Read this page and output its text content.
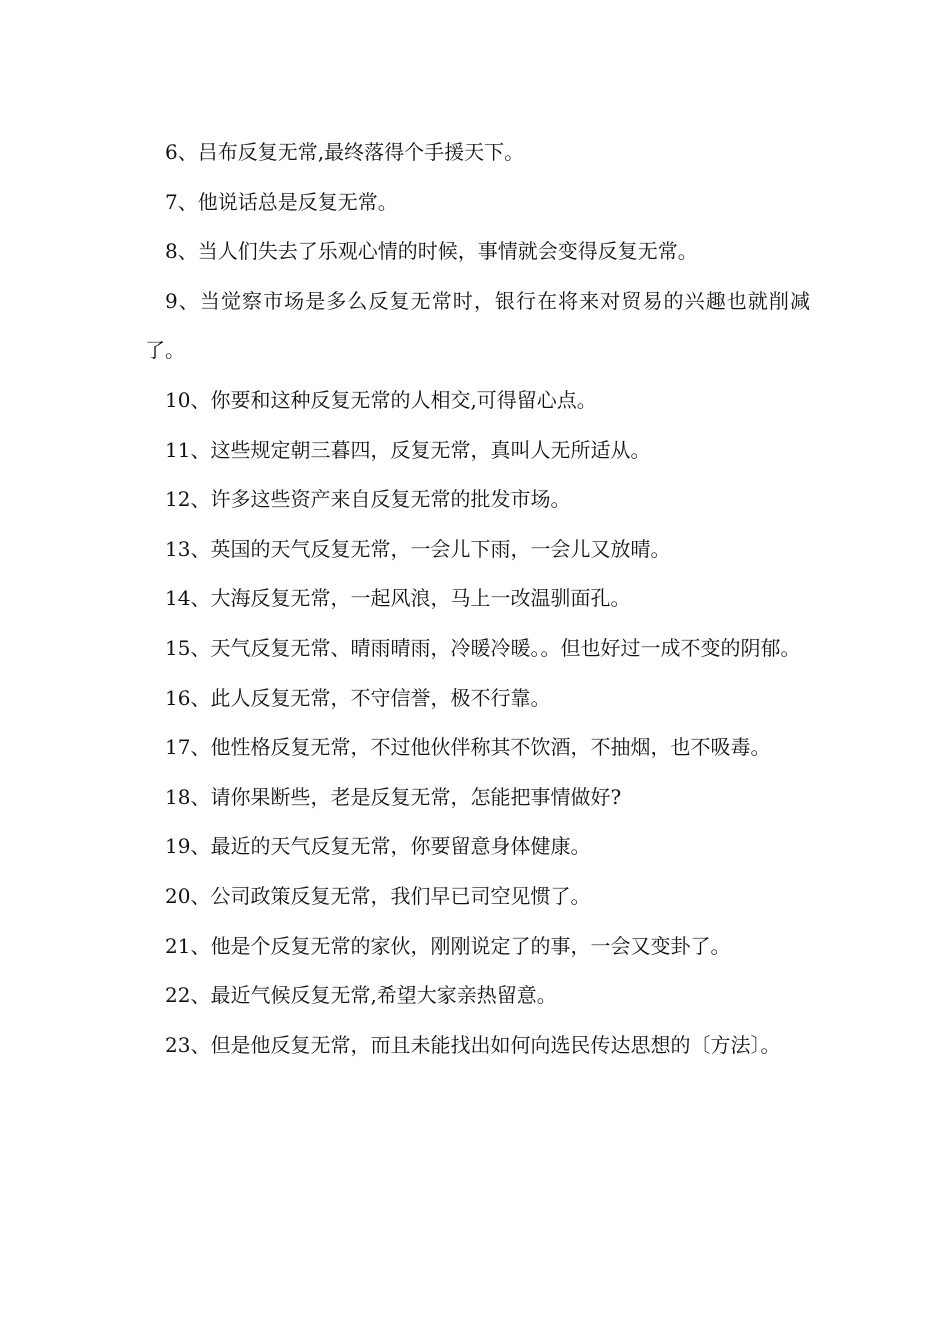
6、吕布反复无常,最终落得个手援天下。

7、他说话总是反复无常。

8、当人们失去了乐观心情的时候，事情就会变得反复无常。

9、当觉察市场是多么反复无常时，银行在将来对贸易的兴趣也就削减了。

10、你要和这种反复无常的人相交,可得留心点。

11、这些规定朝三暮四，反复无常，真叫人无所适从。

12、许多这些资产来自反复无常的批发市场。

13、英国的天气反复无常，一会儿下雨，一会儿又放晴。

14、大海反复无常，一起风浪，马上一改温驯面孔。

15、天气反复无常、晴雨晴雨，冷暖冷暖。。但也好过一成不变的阴郁。

16、此人反复无常，不守信誉，极不行靠。

17、他性格反复无常，不过他伙伴称其不饮酒，不抽烟，也不吸毒。

18、请你果断些，老是反复无常，怎能把事情做好?

19、最近的天气反复无常，你要留意身体健康。

20、公司政策反复无常，我们早已司空见惯了。

21、他是个反复无常的家伙，刚刚说定了的事，一会又变卦了。

22、最近气候反复无常,希望大家亲热留意。

23、但是他反复无常，而且未能找出如何向选民传达思想的〔方法〕。
